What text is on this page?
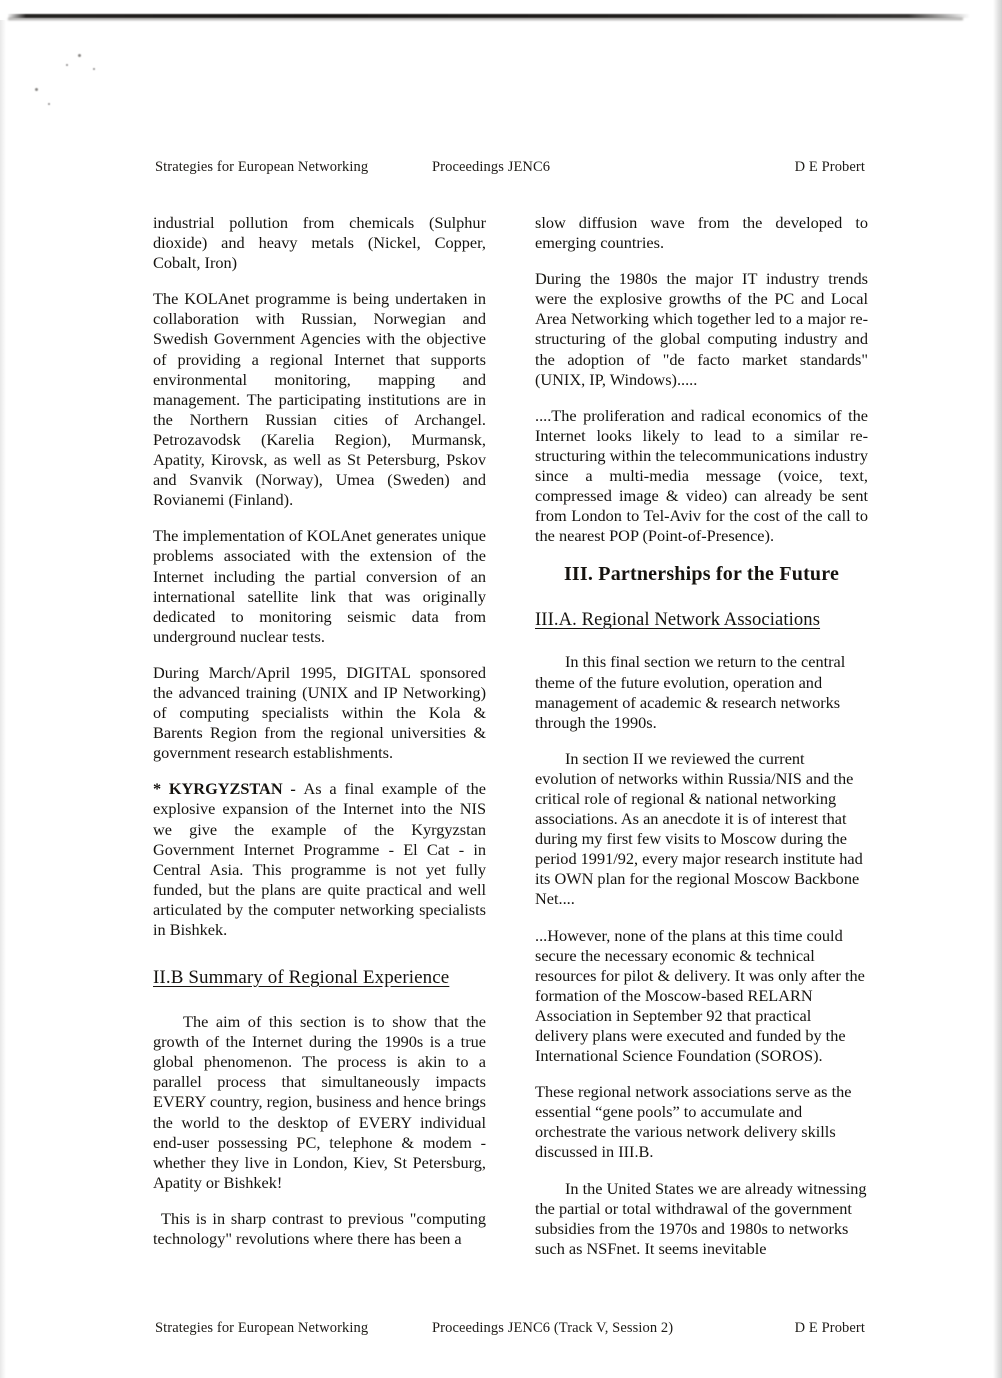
Strategies for European Networking	Proceedings JENC6	D E Probert

industrial pollution from chemicals (Sulphur dioxide) and heavy metals (Nickel, Copper, Cobalt, Iron)

The KOLAnet programme is being undertaken in collaboration with Russian, Norwegian and Swedish Government Agencies with the objective of providing a regional Internet that supports environmental monitoring, mapping and management. The participating institutions are in the Northern Russian cities of Archangel. Petrozavodsk (Karelia Region), Murmansk, Apatity, Kirovsk, as well as St Petersburg, Pskov and Svanvik (Norway), Umea (Sweden) and Rovianemi (Finland).

The implementation of KOLAnet generates unique problems associated with the extension of the Internet including the partial conversion of an international satellite link that was originally dedicated to monitoring seismic data from underground nuclear tests.

During March/April 1995, DIGITAL sponsored the advanced training (UNIX and IP Networking) of computing specialists within the Kola & Barents Region from the regional universities & government research establishments.

* KYRGYZSTAN - As a final example of the explosive expansion of the Internet into the NIS we give the example of the Kyrgyzstan Government Internet Programme - El Cat - in Central Asia. This programme is not yet fully funded, but the plans are quite practical and well articulated by the computer networking specialists in Bishkek.

II.B Summary of Regional Experience

The aim of this section is to show that the growth of the Internet during the 1990s is a true global phenomenon. The process is akin to a parallel process that simultaneously impacts EVERY country, region, business and hence brings the world to the desktop of EVERY individual end-user possessing PC, telephone & modem - whether they live in London, Kiev, St Petersburg, Apatity or Bishkek!

This is in sharp contrast to previous "computing technology" revolutions where there has been a

slow diffusion wave from the developed to emerging countries.

During the 1980s the major IT industry trends were the explosive growths of the PC and Local Area Networking which together led to a major re-structuring of the global computing industry and the adoption of "de facto market standards" (UNIX, IP, Windows).....

....The proliferation and radical economics of the Internet looks likely to lead to a similar re-structuring within the telecommunications industry since a multi-media message (voice, text, compressed image & video) can already be sent from London to Tel-Aviv for the cost of the call to the nearest POP (Point-of-Presence).

III. Partnerships for the Future
III.A. Regional Network Associations

In this final section we return to the central theme of the future evolution, operation and management of academic & research networks through the 1990s.

In section II we reviewed the current evolution of networks within Russia/NIS and the critical role of regional & national networking associations. As an anecdote it is of interest that during my first few visits to Moscow during the period 1991/92, every major research institute had its OWN plan for the regional Moscow Backbone Net....

...However, none of the plans at this time could secure the necessary economic & technical resources for pilot & delivery. It was only after the formation of the Moscow-based RELARN Association in September 92 that practical delivery plans were executed and funded by the International Science Foundation (SOROS).

These regional network associations serve as the essential “gene pools” to accumulate and orchestrate the various network delivery skills discussed in III.B.

In the United States we are already witnessing the partial or total withdrawal of the government subsidies from the 1970s and 1980s to networks such as NSFnet. It seems inevitable

Strategies for European Networking	Proceedings JENC6 (Track V, Session 2)	D E Probert
